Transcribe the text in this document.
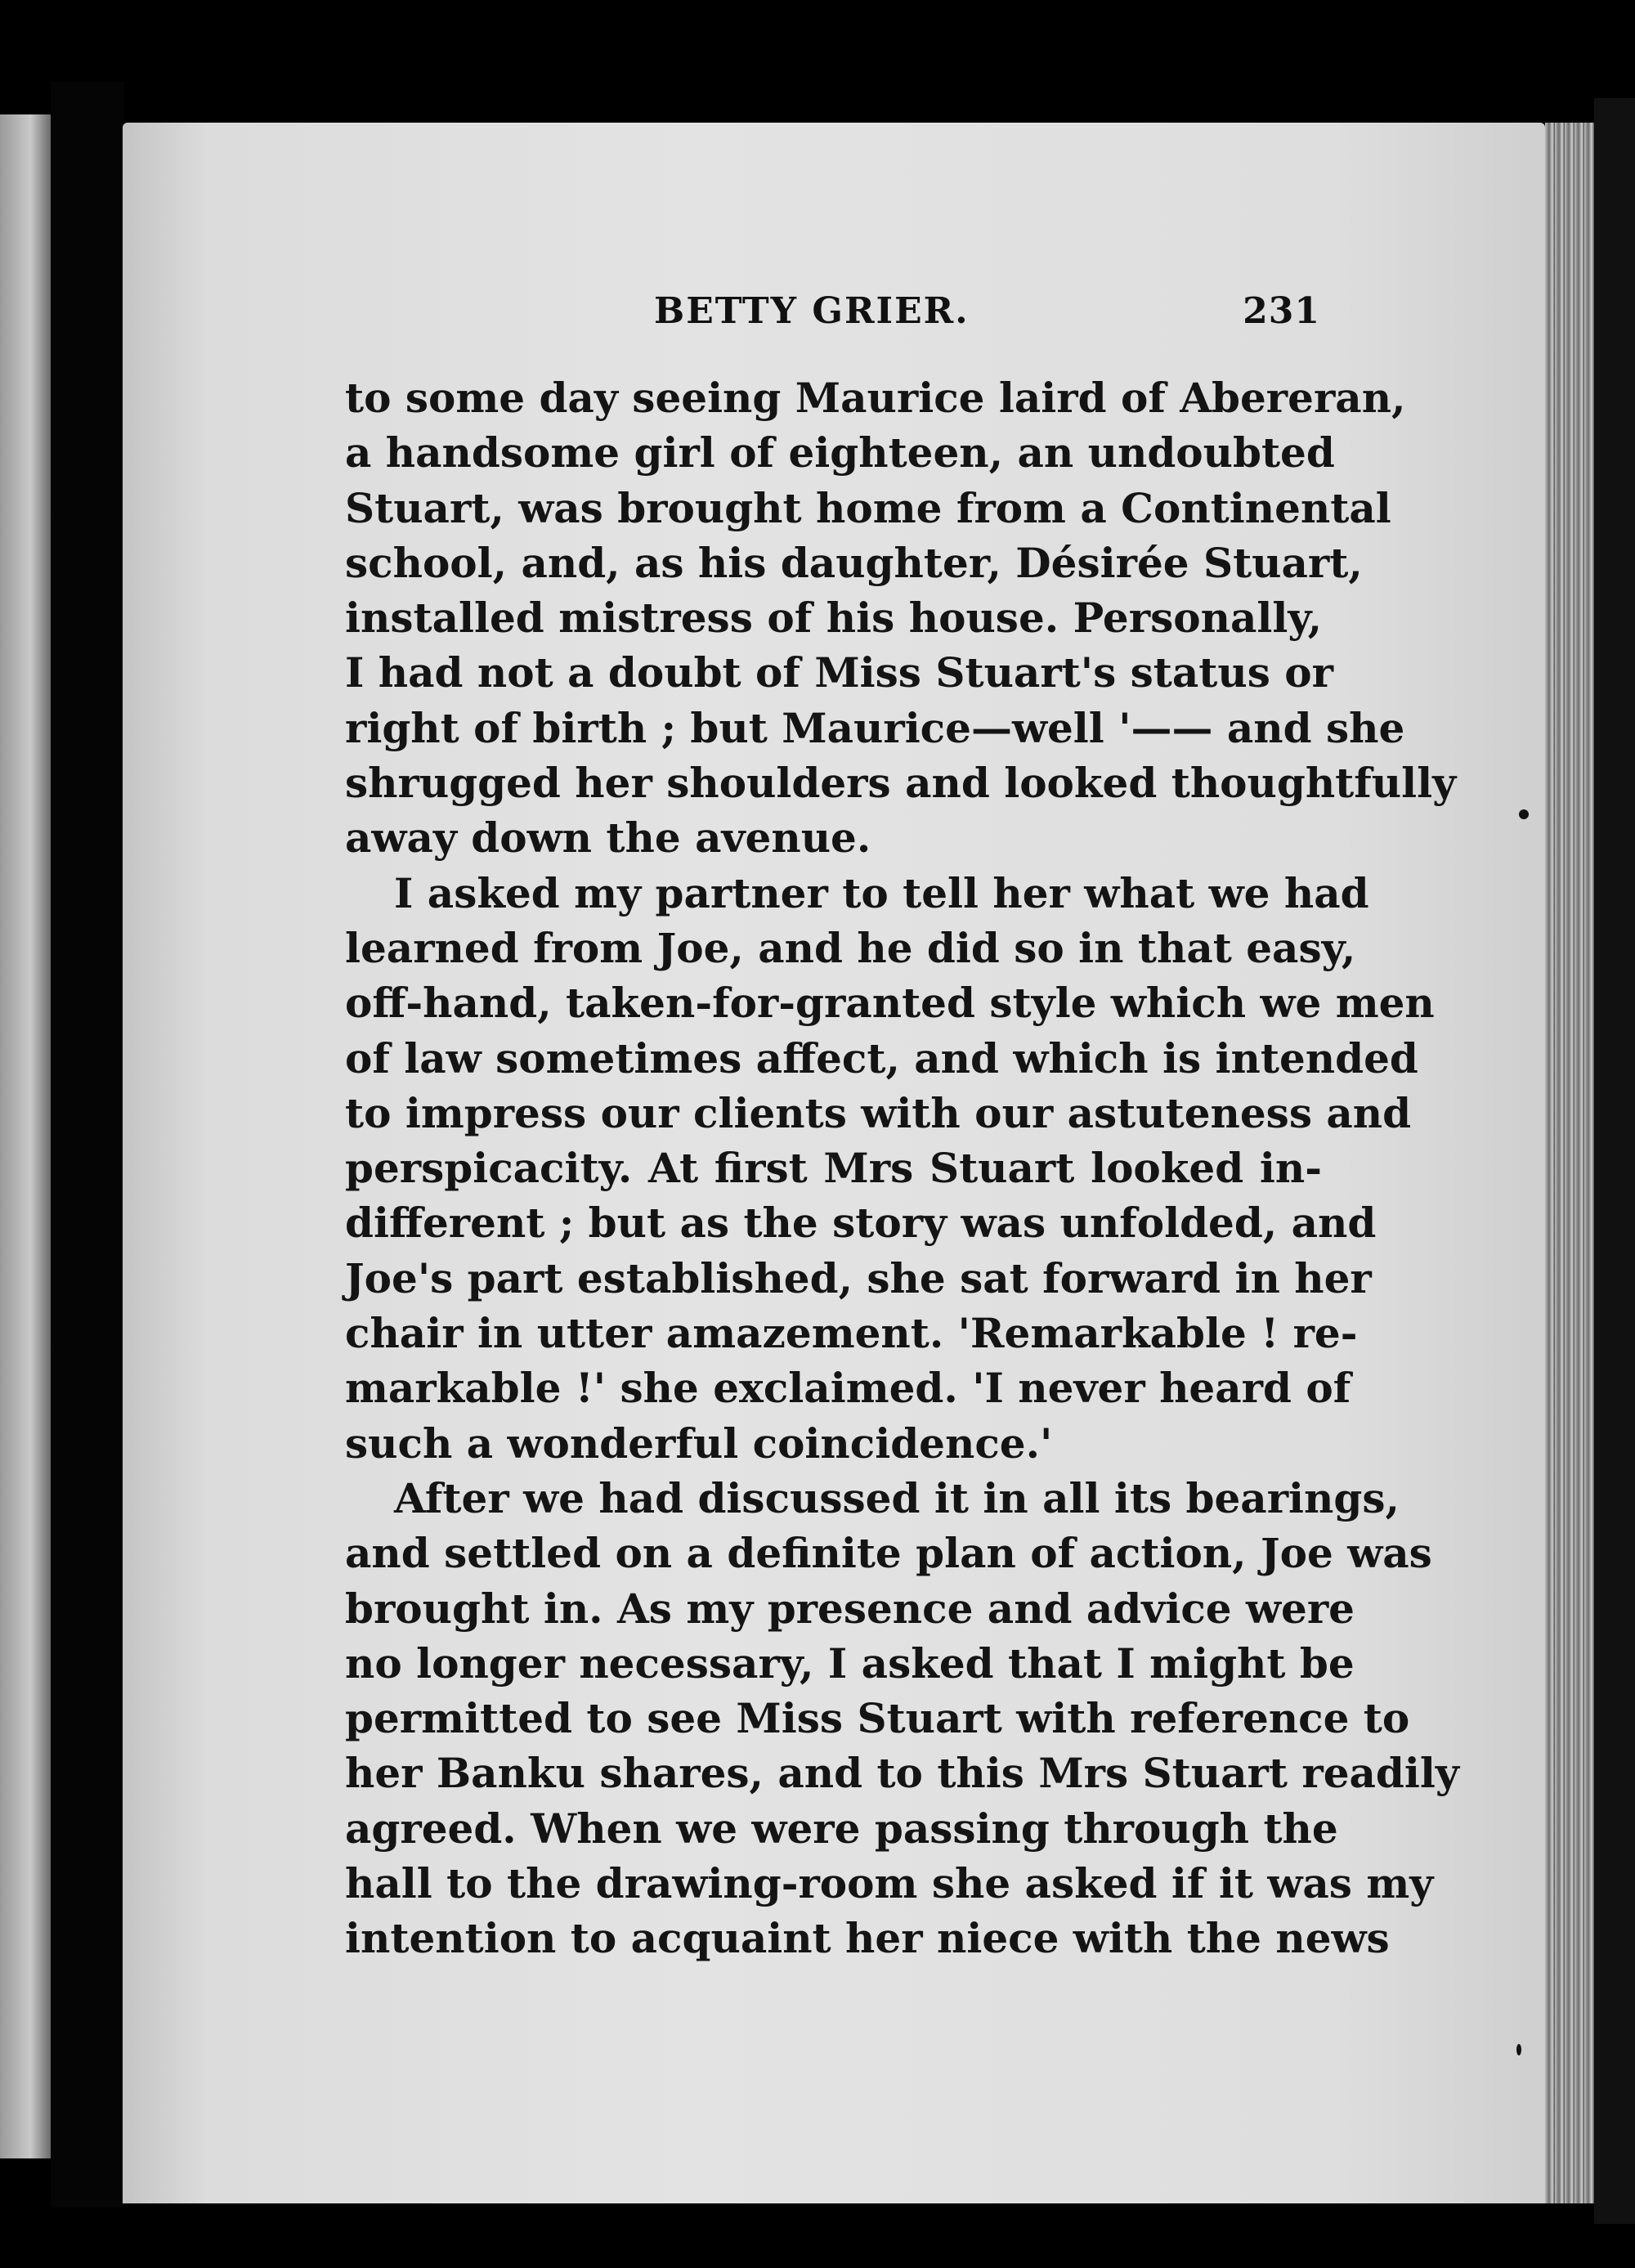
BETTY GRIER.	231
to some day seeing Maurice laird of Abereran,
a handsome girl of eighteen, an undoubted
Stuart, was brought home from a Continental
school, and, as his daughter, Désirée Stuart,
installed mistress of his house. Personally,
I had not a doubt of Miss Stuart's status or
right of birth ; but Maurice—well '—— and she
shrugged her shoulders and looked thoughtfully
away down the avenue.
I asked my partner to tell her what we had
learned from Joe, and he did so in that easy,
off-hand, taken-for-granted style which we men
of law sometimes affect, and which is intended
to impress our clients with our astuteness and
perspicacity. At first Mrs Stuart looked in-
different ; but as the story was unfolded, and
Joe's part established, she sat forward in her
chair in utter amazement. 'Remarkable ! re-
markable !' she exclaimed. 'I never heard of
such a wonderful coincidence.'
After we had discussed it in all its bearings,
and settled on a definite plan of action, Joe was
brought in. As my presence and advice were
no longer necessary, I asked that I might be
permitted to see Miss Stuart with reference to
her Banku shares, and to this Mrs Stuart readily
agreed. When we were passing through the
hall to the drawing-room she asked if it was my
intention to acquaint her niece with the news
